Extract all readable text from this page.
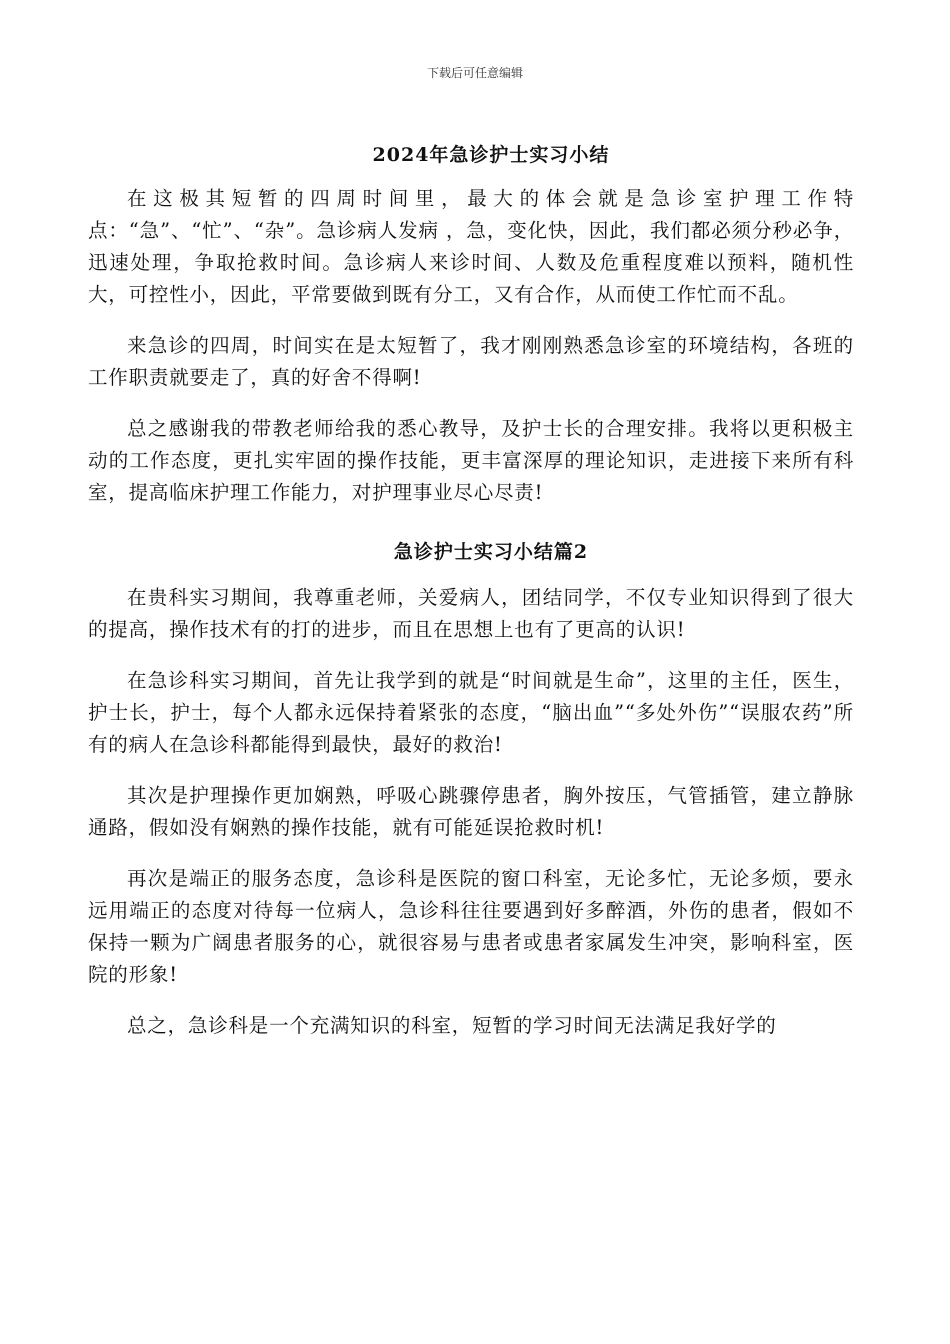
下载后可任意编辑
2024年急诊护士实习小结

在这极其短暂的四周时间里，最大的体会就是急诊室护理工作特点：“急”、“忙”、“杂”。急诊病人发病 ，急，变化快，因此，我们都必须分秒必争，迅速处理，争取抢救时间。急诊病人来诊时间、人数及危重程度难以预料，随机性大，可控性小，因此，平常要做到既有分工，又有合作，从而使工作忙而不乱。

来急诊的四周，时间实在是太短暂了，我才刚刚熟悉急诊室的环境结构，各班的工作职责就要走了，真的好舍不得啊!

总之感谢我的带教老师给我的悉心教导，及护士长的合理安排。我将以更积极主动的工作态度，更扎实牢固的操作技能，更丰富深厚的理论知识，走进接下来所有科室，提高临床护理工作能力，对护理事业尽心尽责!

急诊护士实习小结篇2

在贵科实习期间，我尊重老师，关爱病人，团结同学，不仅专业知识得到了很大的提高，操作技术有的打的进步，而且在思想上也有了更高的认识!

在急诊科实习期间，首先让我学到的就是“时间就是生命”，这里的主任，医生，护士长，护士，每个人都永远保持着紧张的态度，“脑出血”“多处外伤”“误服农药”所有的病人在急诊科都能得到最快，最好的救治!

其次是护理操作更加娴熟，呼吸心跳骤停患者，胸外按压，气管插管，建立静脉通路，假如没有娴熟的操作技能，就有可能延误抢救时机!

再次是端正的服务态度，急诊科是医院的窗口科室，无论多忙，无论多烦，要永远用端正的态度对待每一位病人，急诊科往往要遇到好多醉酒，外伤的患者，假如不保持一颗为广阔患者服务的心，就很容易与患者或患者家属发生冲突，影响科室，医院的形象!

总之，急诊科是一个充满知识的科室，短暂的学习时间无法满足我好学的
